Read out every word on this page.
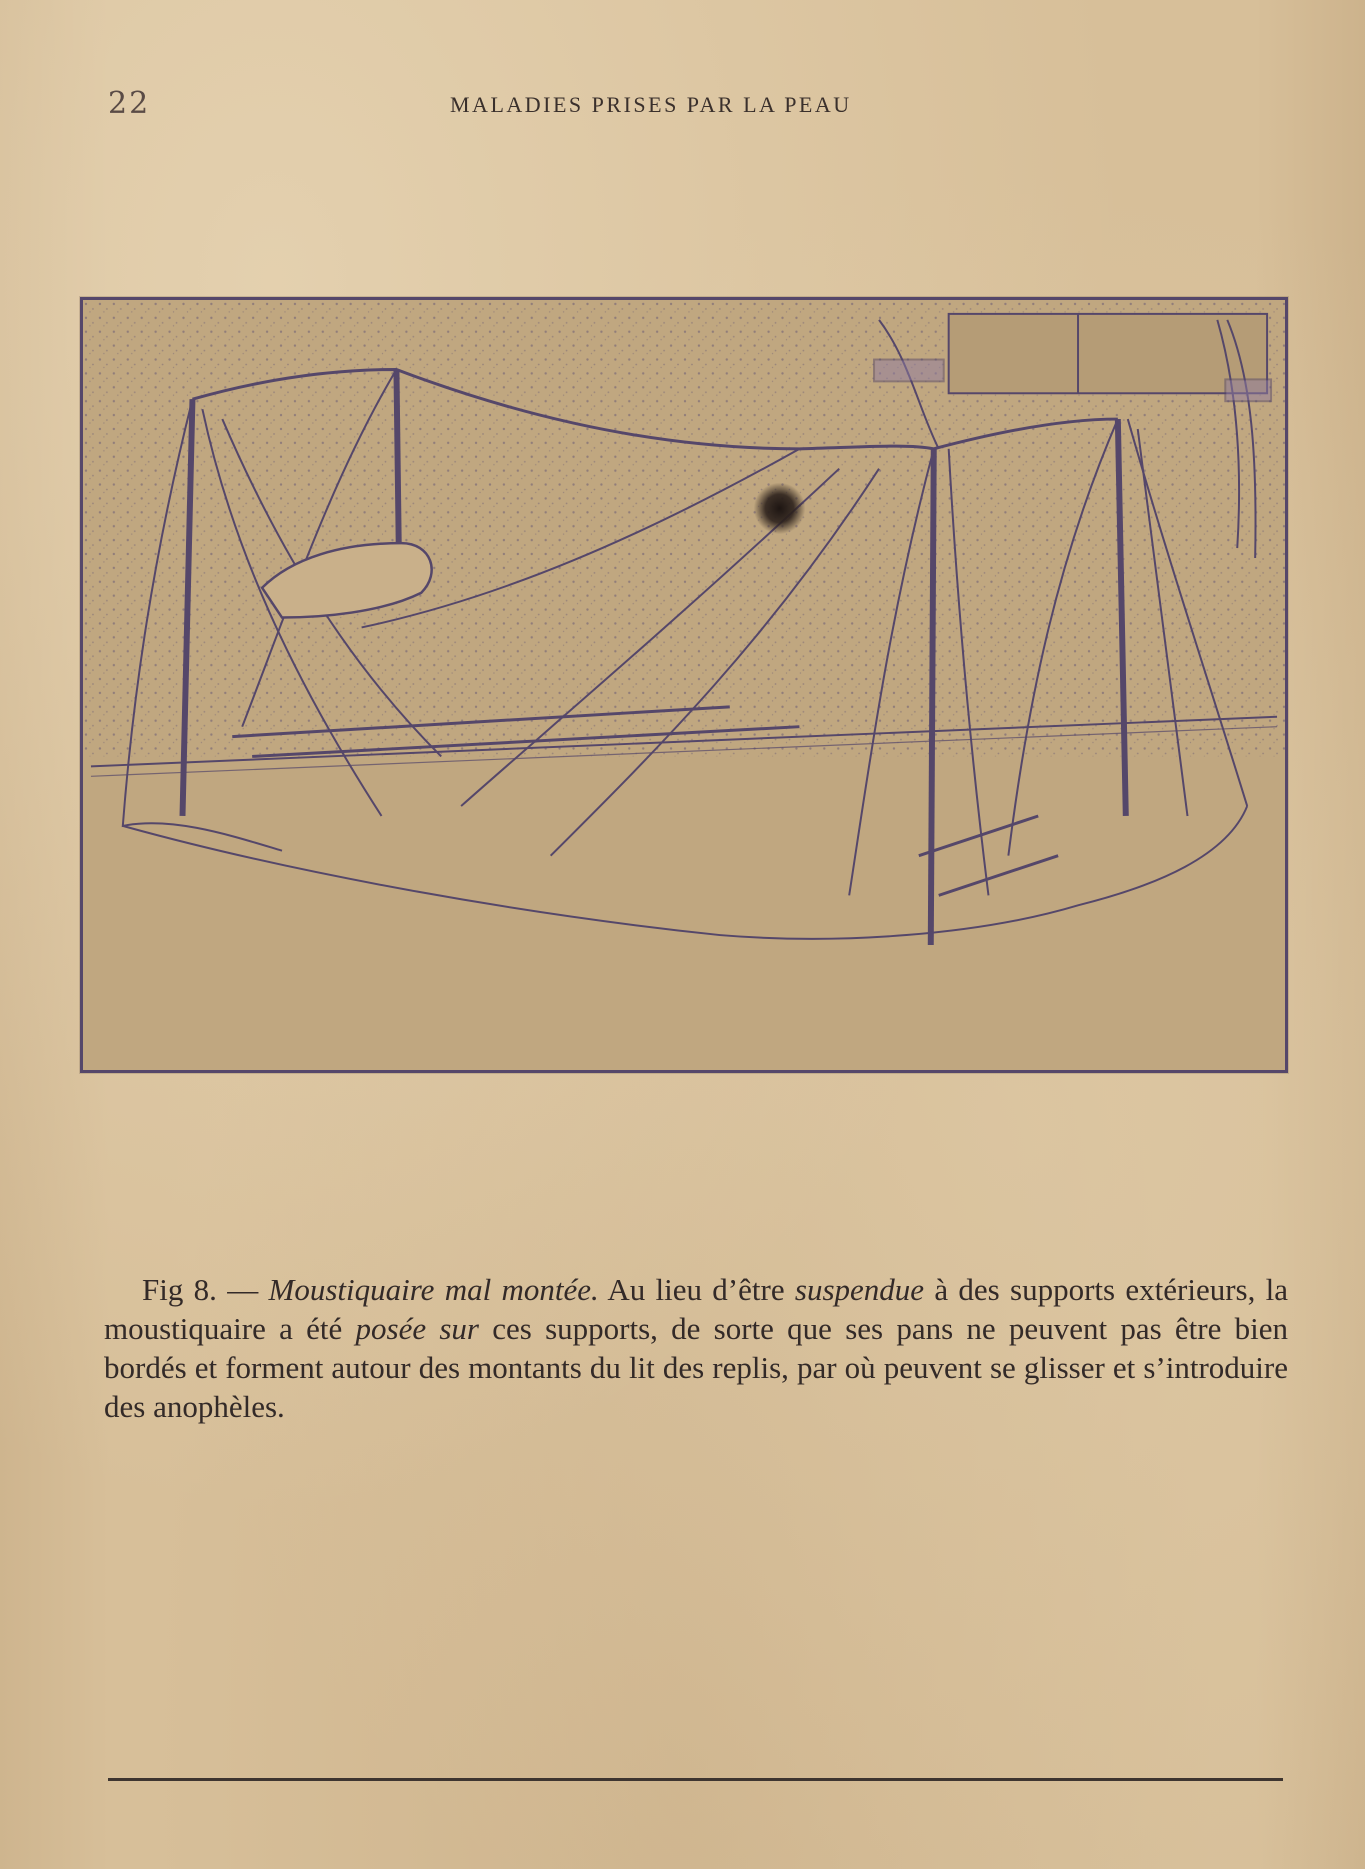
22	MALADIES PRISES PAR LA PEAU

Fig 8. — Moustiquaire mal montée. Au lieu d’être suspendue à des supports extérieurs, la moustiquaire a été posée sur ces supports, de sorte que ses pans ne peuvent pas être bien bordés et forment autour des montants du lit des replis, par où peuvent se glisser et s’introduire des anophèles.
